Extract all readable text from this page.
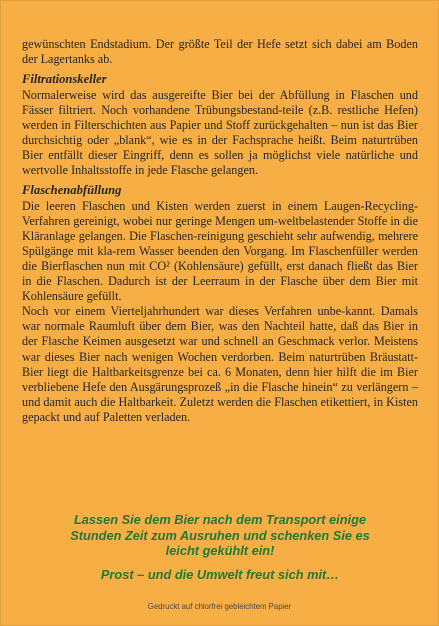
gewünschten Endstadium. Der größte Teil der Hefe setzt sich dabei am Boden der Lagertanks ab.

Filtrationskeller

Normalerweise wird das ausgereifte Bier bei der Abfüllung in Flaschen und Fässer filtriert. Noch vorhandene Trübungsbestand-teile (z.B. restliche Hefen) werden in Filterschichten aus Papier und Stoff zurückgehalten – nun ist das Bier durchsichtig oder „blank“, wie es in der Fachsprache heißt. Beim naturtrüben Bier entfällt dieser Eingriff, denn es sollen ja möglichst viele natürliche und wertvolle Inhaltsstoffe in jede Flasche gelangen.

Flaschenabfüllung

Die leeren Flaschen und Kisten werden zuerst in einem Laugen-Recycling-Verfahren gereinigt, wobei nur geringe Mengen um-weltbelastender Stoffe in die Kläranlage gelangen. Die Flaschen-reinigung geschieht sehr aufwendig, mehrere Spülgänge mit kla-rem Wasser beenden den Vorgang. Im Flaschenfüller werden die Bierflaschen nun mit CO² (Kohlensäure) gefüllt, erst danach fließt das Bier in die Flaschen. Dadurch ist der Leerraum in der Flasche über dem Bier mit Kohlensäure gefüllt.

Noch vor einem Vierteljahrhundert war dieses Verfahren unbe-kannt. Damals war normale Raumluft über dem Bier, was den Nachteil hatte, daß das Bier in der Flasche Keimen ausgesetzt war und schnell an Geschmack verlor. Meistens war dieses Bier nach wenigen Wochen verdorben. Beim naturtrüben Bräustatt-Bier liegt die Haltbarkeitsgrenze bei ca. 6 Monaten, denn hier hilft die im Bier verbliebene Hefe den Ausgärungsprozeß „in die Flasche hinein“ zu verlängern – und damit auch die Haltbarkeit. Zuletzt werden die Flaschen etikettiert, in Kisten gepackt und auf Paletten verladen.

Lassen Sie dem Bier nach dem Transport einige

Stunden Zeit zum Ausruhen und schenken Sie es

leicht gekühlt ein!

Prost – und die Umwelt freut sich mit…

Gedruckt auf chlorfrei gebleichtem Papier
